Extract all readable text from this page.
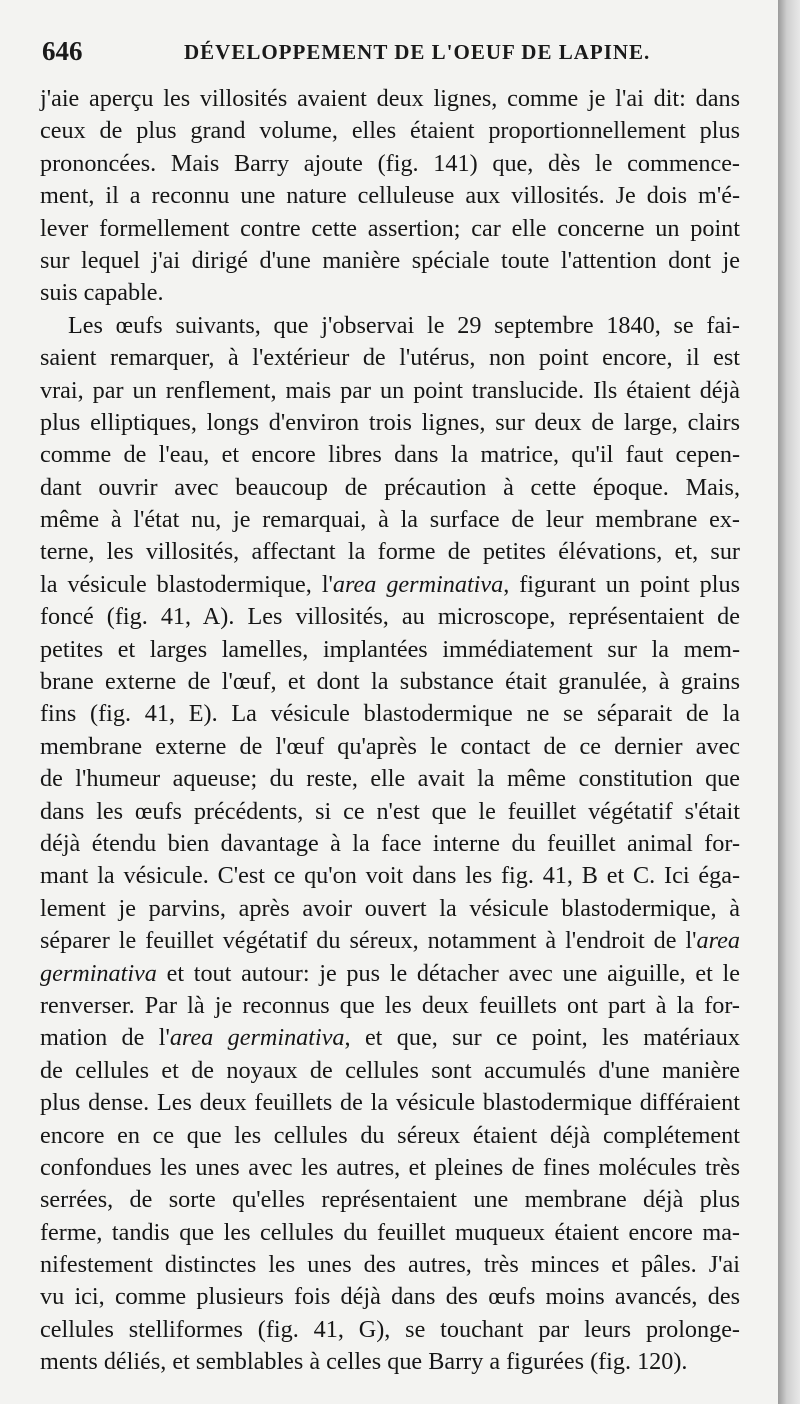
646	DÉVELOPPEMENT DE L'OEUF DE LAPINE.
j'aie aperçu les villosités avaient deux lignes, comme je l'ai dit: dans
ceux de plus grand volume, elles étaient proportionnellement plus
prononcées. Mais Barry ajoute (fig. 141) que, dès le commence-
ment, il a reconnu une nature celluleuse aux villosités. Je dois m'é-
lever formellement contre cette assertion; car elle concerne un point
sur lequel j'ai dirigé d'une manière spéciale toute l'attention dont je
suis capable.
Les œufs suivants, que j'observai le 29 septembre 1840, se fai-
saient remarquer, à l'extérieur de l'utérus, non point encore, il est
vrai, par un renflement, mais par un point translucide. Ils étaient déjà
plus elliptiques, longs d'environ trois lignes, sur deux de large, clairs
comme de l'eau, et encore libres dans la matrice, qu'il faut cepen-
dant ouvrir avec beaucoup de précaution à cette époque. Mais,
même à l'état nu, je remarquai, à la surface de leur membrane ex-
terne, les villosités, affectant la forme de petites élévations, et, sur
la vésicule blastodermique, l'area germinativa, figurant un point plus
foncé (fig. 41, A). Les villosités, au microscope, représentaient de
petites et larges lamelles, implantées immédiatement sur la mem-
brane externe de l'œuf, et dont la substance était granulée, à grains
fins (fig. 41, E). La vésicule blastodermique ne se séparait de la
membrane externe de l'œuf qu'après le contact de ce dernier avec
de l'humeur aqueuse; du reste, elle avait la même constitution que
dans les œufs précédents, si ce n'est que le feuillet végétatif s'était
déjà étendu bien davantage à la face interne du feuillet animal for-
mant la vésicule. C'est ce qu'on voit dans les fig. 41, B et C. Ici éga-
lement je parvins, après avoir ouvert la vésicule blastodermique, à
séparer le feuillet végétatif du séreux, notamment à l'endroit de l'area
germinativa et tout autour: je pus le détacher avec une aiguille, et le
renverser. Par là je reconnus que les deux feuillets ont part à la for-
mation de l'area germinativa, et que, sur ce point, les matériaux
de cellules et de noyaux de cellules sont accumulés d'une manière
plus dense. Les deux feuillets de la vésicule blastodermique différaient
encore en ce que les cellules du séreux étaient déjà complétement
confondues les unes avec les autres, et pleines de fines molécules très
serrées, de sorte qu'elles représentaient une membrane déjà plus
ferme, tandis que les cellules du feuillet muqueux étaient encore ma-
nifestement distinctes les unes des autres, très minces et pâles. J'ai
vu ici, comme plusieurs fois déjà dans des œufs moins avancés, des
cellules stelliformes (fig. 41, G), se touchant par leurs prolonge-
ments déliés, et semblables à celles que Barry a figurées (fig. 120).
